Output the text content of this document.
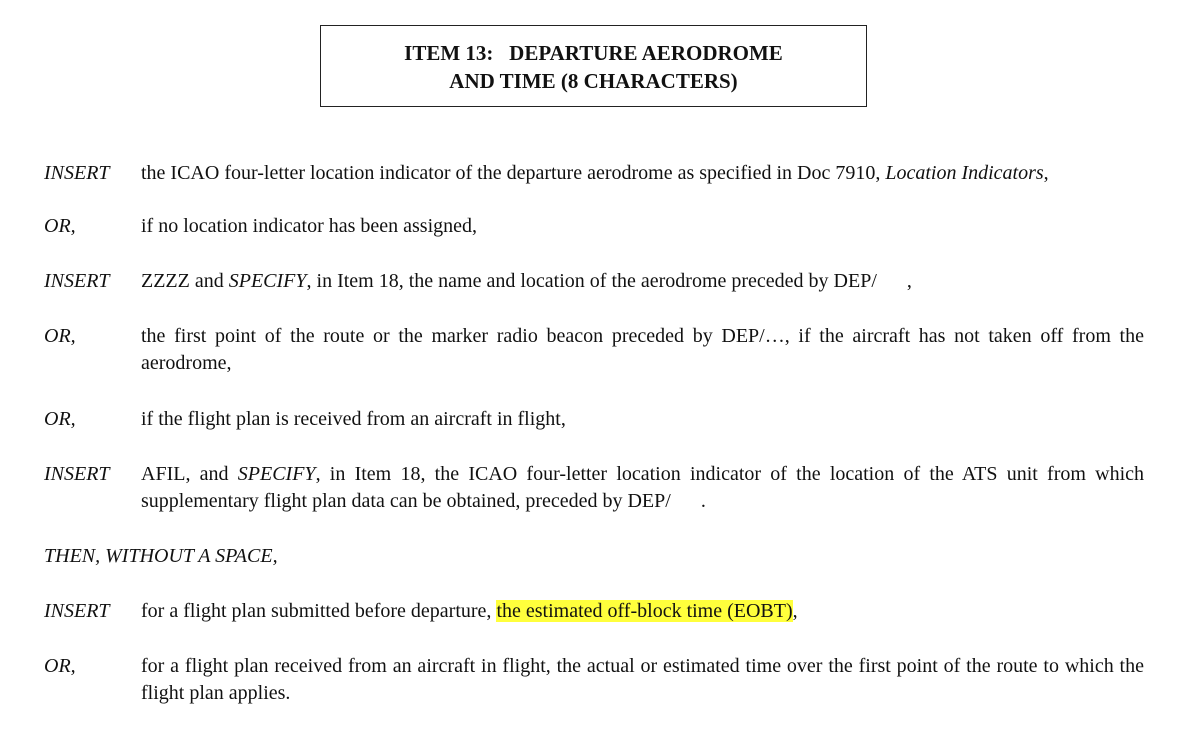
ITEM 13:   DEPARTURE AERODROME
AND TIME (8 CHARACTERS)
INSERT the ICAO four-letter location indicator of the departure aerodrome as specified in Doc 7910, Location Indicators,
OR,	if no location indicator has been assigned,
INSERT ZZZZ and SPECIFY, in Item 18, the name and location of the aerodrome preceded by DEP/ ,
OR,	the first point of the route or the marker radio beacon preceded by DEP/…, if the aircraft has not taken off from the aerodrome,
OR,	if the flight plan is received from an aircraft in flight,
INSERT AFIL, and SPECIFY, in Item 18, the ICAO four-letter location indicator of the location of the ATS unit from which supplementary flight plan data can be obtained, preceded by DEP/ .
THEN, WITHOUT A SPACE,
INSERT for a flight plan submitted before departure, the estimated off-block time (EOBT),
OR,	for a flight plan received from an aircraft in flight, the actual or estimated time over the first point of the route to which the flight plan applies.
